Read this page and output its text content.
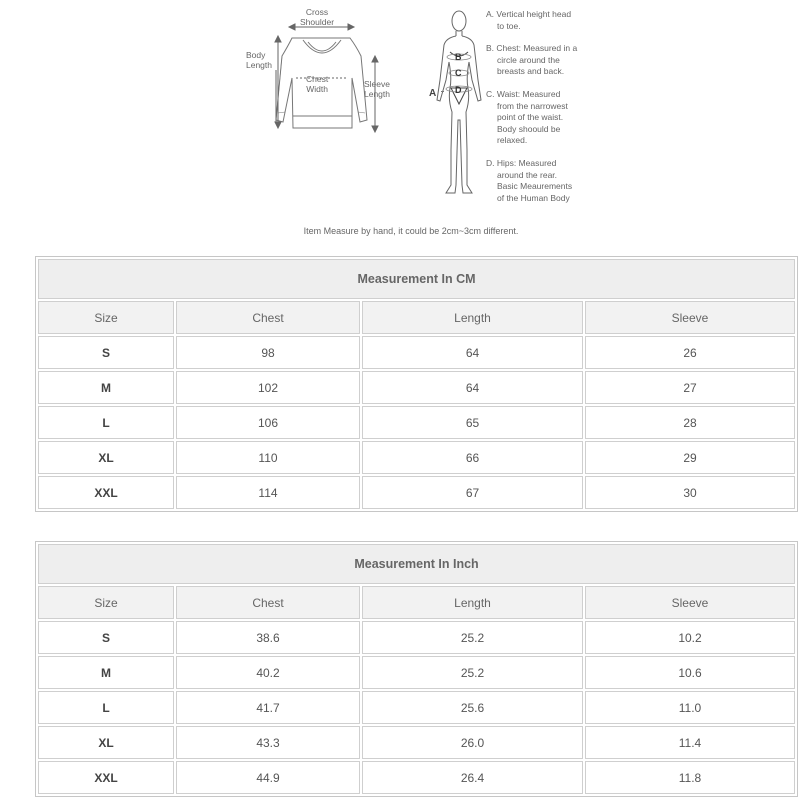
Cross
Shoulder
Body
Length
Chest
Width	Sleeve
Length	A
B
C
D
A. Vertical height head
to toe.
B. Chest: Measured in a
circle around the
breasts and back.
C. Waist: Measured
from the narrowest
point of the waist.
Body shoould be
relaxed.
D. Hips: Measured
around the rear.
Basic Meaurements
of the Human Body
Item Measure by hand, it could be 2cm~3cm different.
Measurement In CM			
Size	Chest	Length	Sleeve
S	98	64	26
M	102	64	27
L	106	65	28
XL	110	66	29
XXL	114	67	30
Measurement In Inch			
Size	Chest	Length	Sleeve
S	38.6	25.2	10.2
M	40.2	25.2	10.6
L	41.7	25.6	11.0
XL	43.3	26.0	11.4
XXL	44.9	26.4	11.8
